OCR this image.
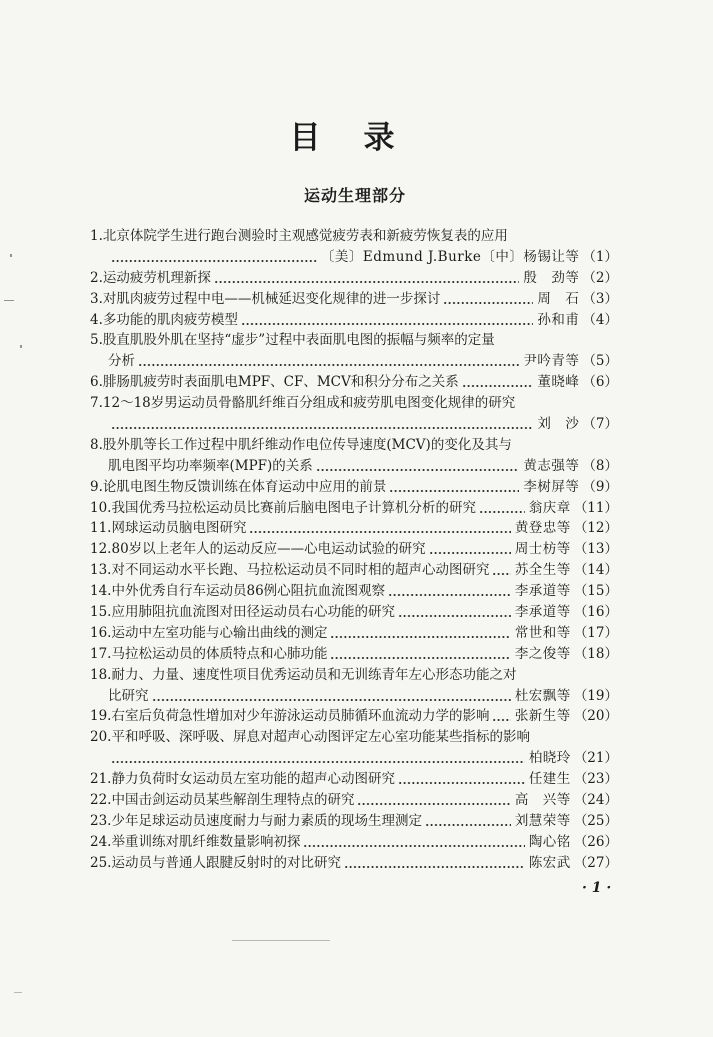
目　录
运动生理部分
1. 北京体院学生进行跑台测验时主观感觉疲劳表和新疲劳恢复表的应用
〔美〕Edmund J.Burke〔中〕杨锡让等 （1）
2. 运动疲劳机理新探	殷　劲等 （2）
3. 对肌肉疲劳过程中电——机械延迟变化规律的进一步探讨	周　石 （3）
4. 多功能的肌肉疲劳模型	孙和甫 （4）
5. 股直肌股外肌在坚持“虚步”过程中表面肌电图的振幅与频率的定量
分析	尹吟青等 （5）
6. 腓肠肌疲劳时表面肌电MPF、CF、MCV和积分分布之关系	董晓峰 （6）
7. 12～18岁男运动员骨骼肌纤维百分组成和疲劳肌电图变化规律的研究
刘　沙 （7）
8. 股外肌等长工作过程中肌纤维动作电位传导速度(MCV)的变化及其与
肌电图平均功率频率(MPF)的关系	黄志强等 （8）
9. 论肌电图生物反馈训练在体育运动中应用的前景	李树屏等 （9）
10. 我国优秀马拉松运动员比赛前后脑电图电子计算机分析的研究	翁庆章 （11）
11. 网球运动员脑电图研究	黄登忠等 （12）
12. 80岁以上老年人的运动反应——心电运动试验的研究	周士枋等 （13）
13. 对不同运动水平长跑、马拉松运动员不同时相的超声心动图研究 苏全生等 （14）
14. 中外优秀自行车运动员86例心阻抗血流图观察	李承道等 （15）
15. 应用肺阻抗血流图对田径运动员右心功能的研究	李承道等 （16）
16. 运动中左室功能与心输出曲线的测定	常世和等 （17）
17. 马拉松运动员的体质特点和心肺功能	李之俊等 （18）
18. 耐力、力量、速度性项目优秀运动员和无训练青年左心形态功能之对
比研究	杜宏飘等 （19）
19. 右室后负荷急性增加对少年游泳运动员肺循环血流动力学的影响 张新生等 （20）
20. 平和呼吸、深呼吸、屏息对超声心动图评定左心室功能某些指标的影响
柏晓玲 （21）
21. 静力负荷时女运动员左室功能的超声心动图研究	任建生 （23）
22. 中国击剑运动员某些解剖生理特点的研究	高　兴等 （24）
23. 少年足球运动员速度耐力与耐力素质的现场生理测定	刘慧荣等 （25）
24. 举重训练对肌纤维数量影响初探	陶心铭 （26）
25. 运动员与普通人跟腱反射时的对比研究	陈宏武 （27）
· 1 ·
